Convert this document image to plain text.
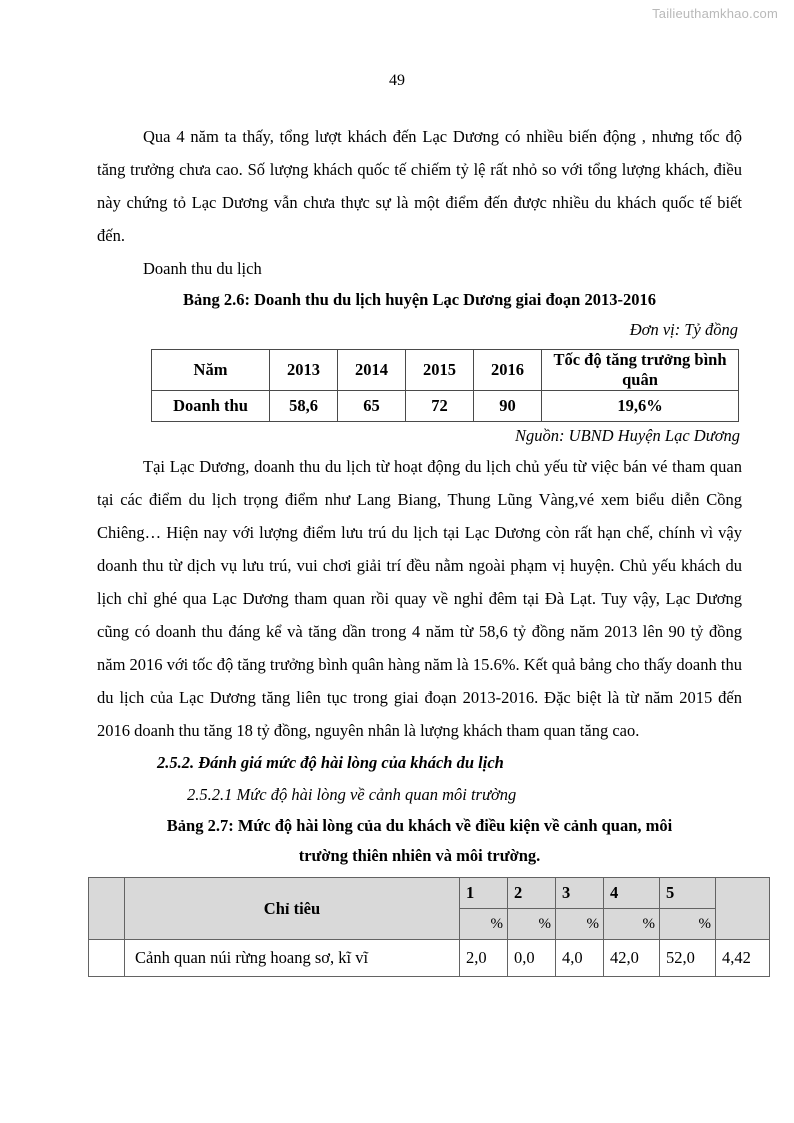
Tailieuthamkhao.com
49

Qua 4 năm ta thấy, tổng lượt khách đến Lạc Dương có nhiều biến động , nhưng tốc độ tăng trưởng chưa cao. Số lượng khách quốc tế chiếm tỷ lệ rất nhỏ so với tổng lượng khách, điều này chứng tỏ Lạc Dương vẫn chưa thực sự là một điểm đến được nhiều du khách quốc tế biết đến.

Doanh thu du lịch

Bảng 2.6: Doanh thu du lịch huyện Lạc Dương giai đoạn 2013-2016

Đơn vị: Tỷ đồng

Năm	2013	2014	2015	2016	Tốc độ tăng trưởng bình quân
Doanh thu	58,6	65	72	90	19,6%

Nguồn: UBND Huyện Lạc Dương

Tại Lạc Dương, doanh thu du lịch từ hoạt động du lịch chủ yếu từ việc bán vé tham quan tại các điểm du lịch trọng điểm như Lang Biang, Thung Lũng Vàng,vé xem biểu diễn Cồng Chiêng… Hiện nay với lượng điểm lưu trú du lịch tại Lạc Dương còn rất hạn chế, chính vì vậy doanh thu từ dịch vụ lưu trú, vui chơi giải trí đều nằm ngoài phạm vị huyện. Chủ yếu khách du lịch chỉ ghé qua Lạc Dương tham quan rồi quay về nghỉ đêm tại Đà Lạt. Tuy vậy, Lạc Dương cũng có doanh thu đáng kể và tăng dần trong 4 năm từ 58,6 tỷ đồng năm 2013 lên 90 tỷ đồng năm 2016 với tốc độ tăng trưởng bình quân hàng năm là 15.6%. Kết quả bảng cho thấy doanh thu du lịch của Lạc Dương tăng liên tục trong giai đoạn 2013-2016. Đặc biệt là từ năm 2015 đến 2016 doanh thu tăng 18 tỷ đồng, nguyên nhân là lượng khách tham quan tăng cao.

2.5.2. Đánh giá mức độ hài lòng của khách du lịch

2.5.2.1 Mức độ hài lòng về cảnh quan môi trường

Bảng 2.7: Mức độ hài lòng của du khách về điều kiện về cảnh quan, môi

trường thiên nhiên và môi trường.

	Chỉ tiêu	1	2	3	4	5	
		%	%	%	%	%	
	Cảnh quan núi rừng hoang sơ, kĩ vĩ	2,0	0,0	4,0	42,0	52,0	4,42
